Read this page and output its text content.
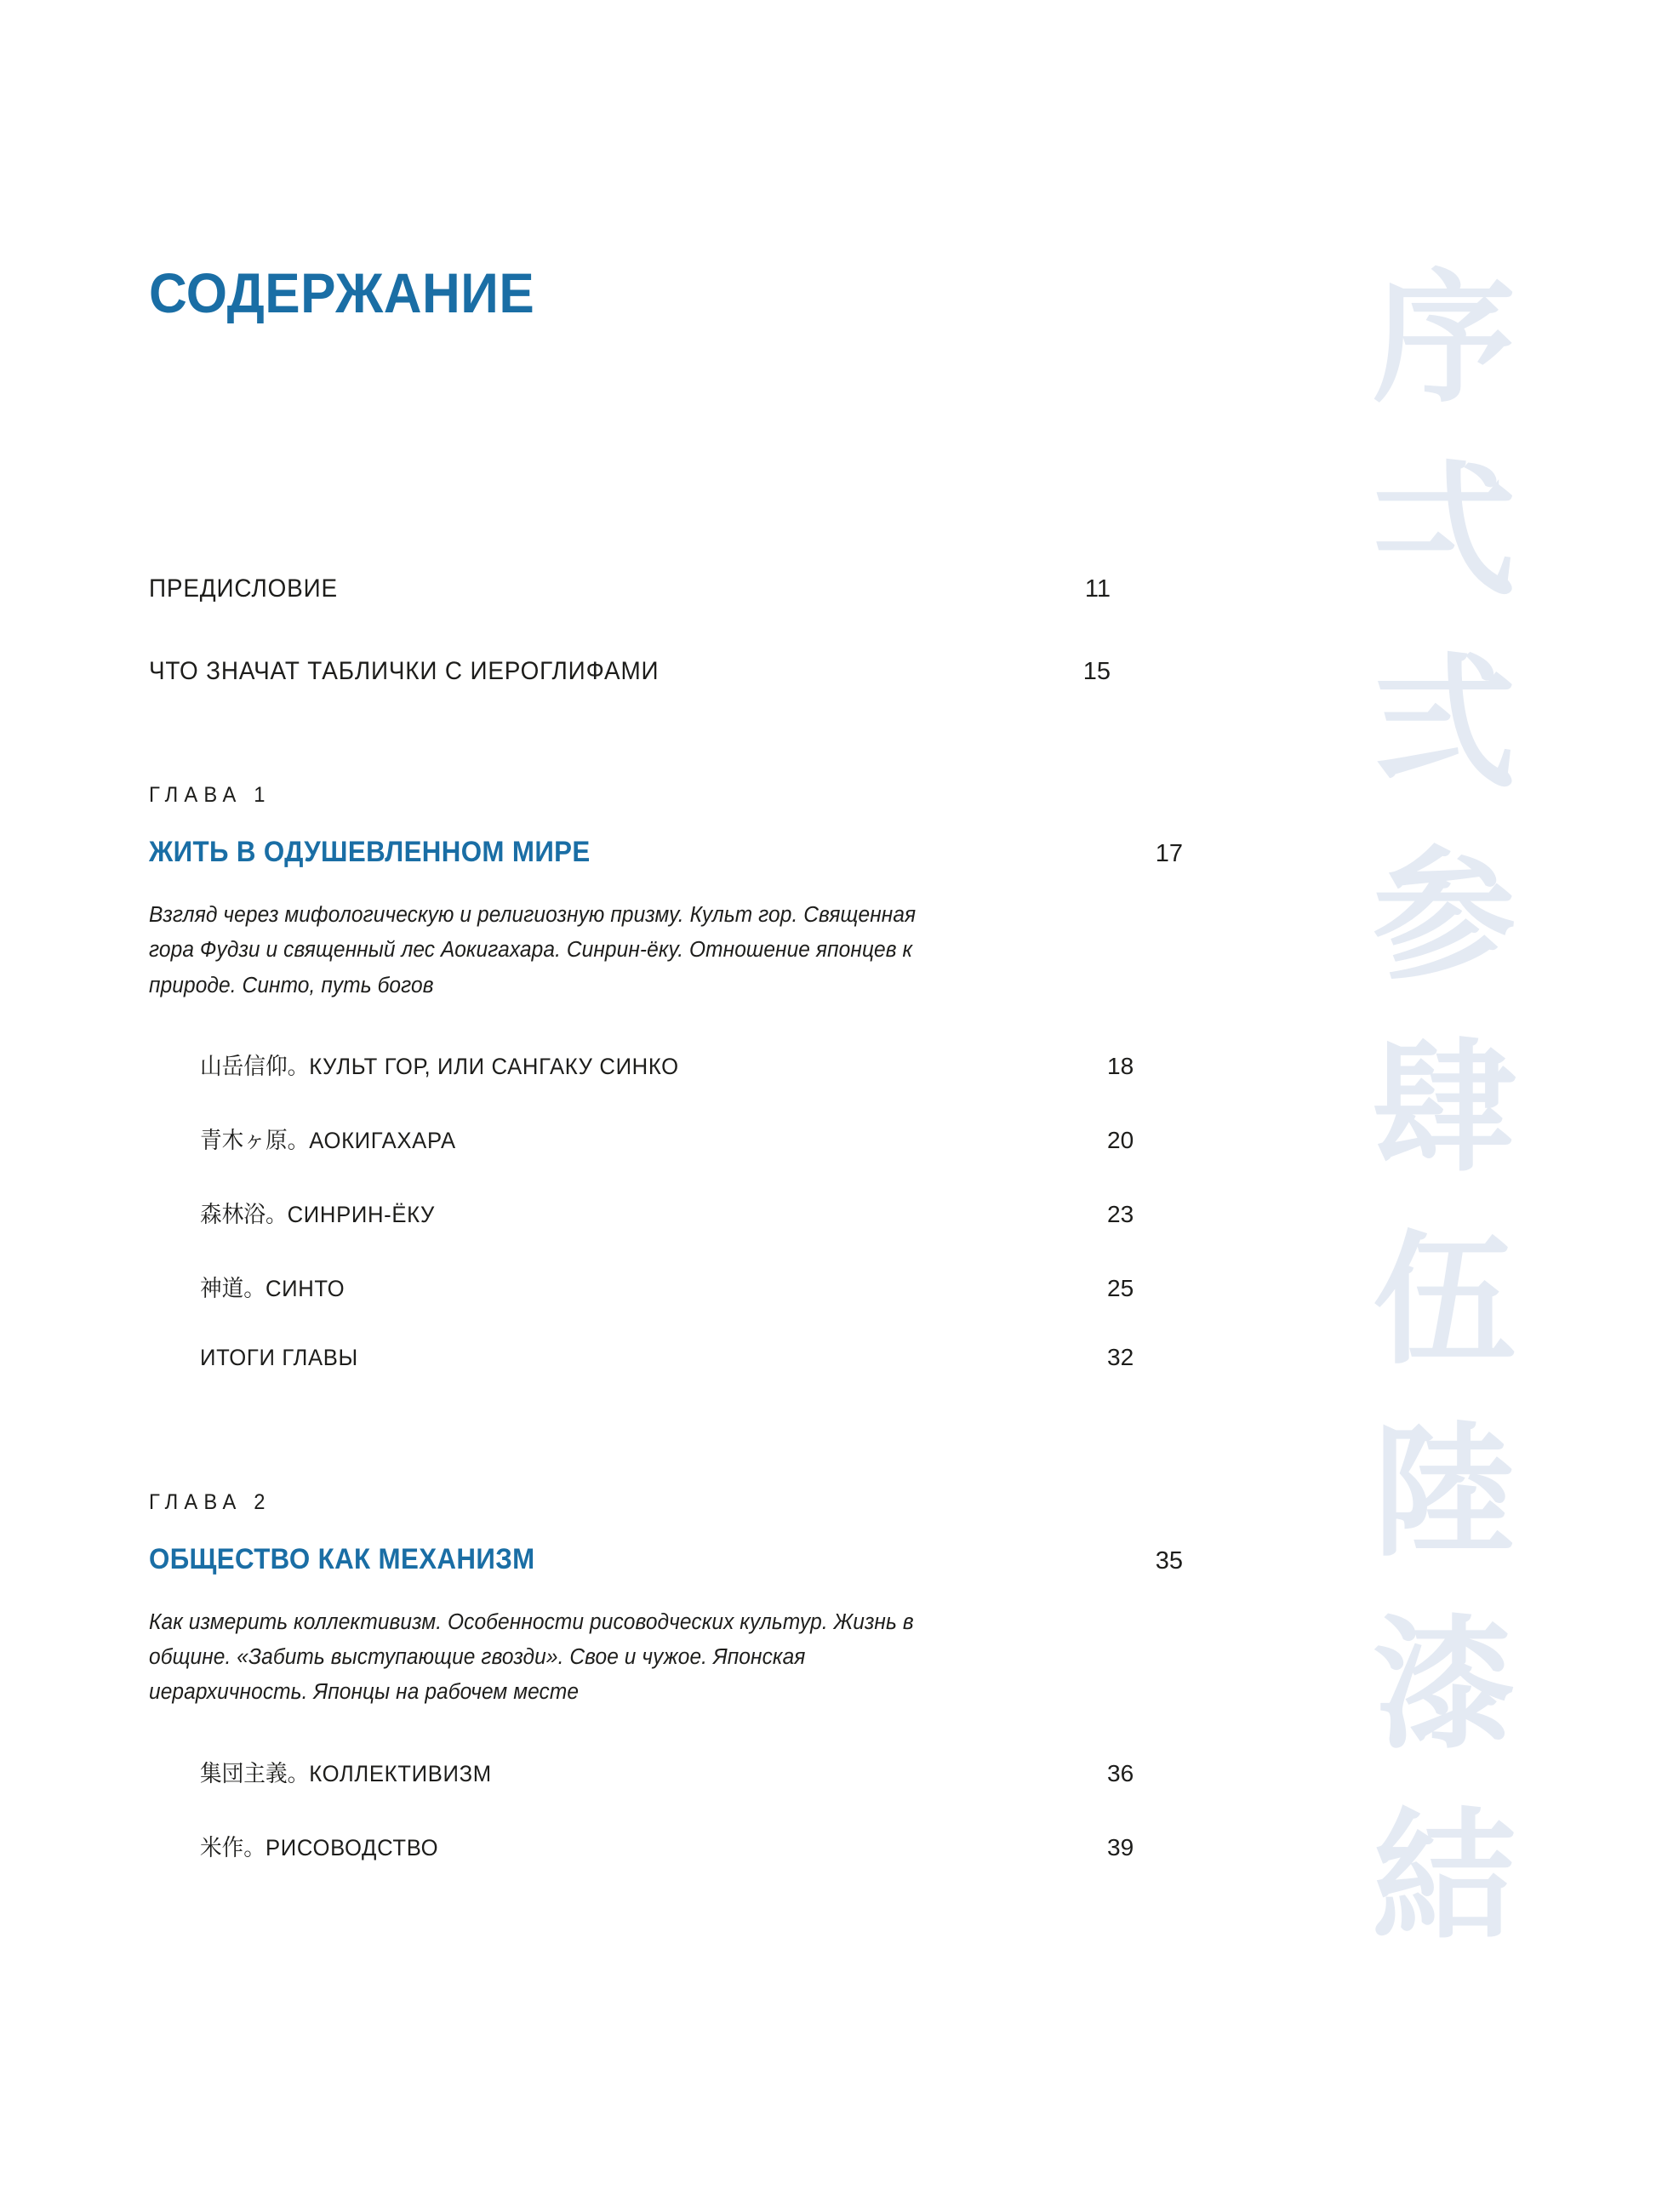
СОДЕРЖАНИЕ	序
弌
弍
参
肆
伍
陸
漆
結
ПРЕДИСЛОВИЕ	11
ЧТО ЗНАЧАТ ТАБЛИЧКИ С ИЕРОГЛИФАМИ	15
ГЛАВА 1
ЖИТЬ В ОДУШЕВЛЕННОМ МИРЕ	17

Взгляд через мифологическую и религиозную призму. Культ гор. Священная гора Фудзи и священный лес Аокигахара. Синрин-ёку. Отношение японцев к природе. Синто, путь богов

山岳信仰。КУЛЬТ ГОР, ИЛИ САНГАКУ СИНКО	18
青木ヶ原。АОКИГАХАРА	20
森林浴。СИНРИН-ЁКУ	23
神道。СИНТО	25
ИТОГИ ГЛАВЫ	32
ГЛАВА 2
ОБЩЕСТВО КАК МЕХАНИЗМ	35

Как измерить коллективизм. Особенности рисоводческих культур. Жизнь в общине. «Забить выступающие гвозди». Свое и чужое. Японская иерархичность. Японцы на рабочем месте

集団主義。КОЛЛЕКТИВИЗМ	36
米作。РИСОВОДСТВО	39
